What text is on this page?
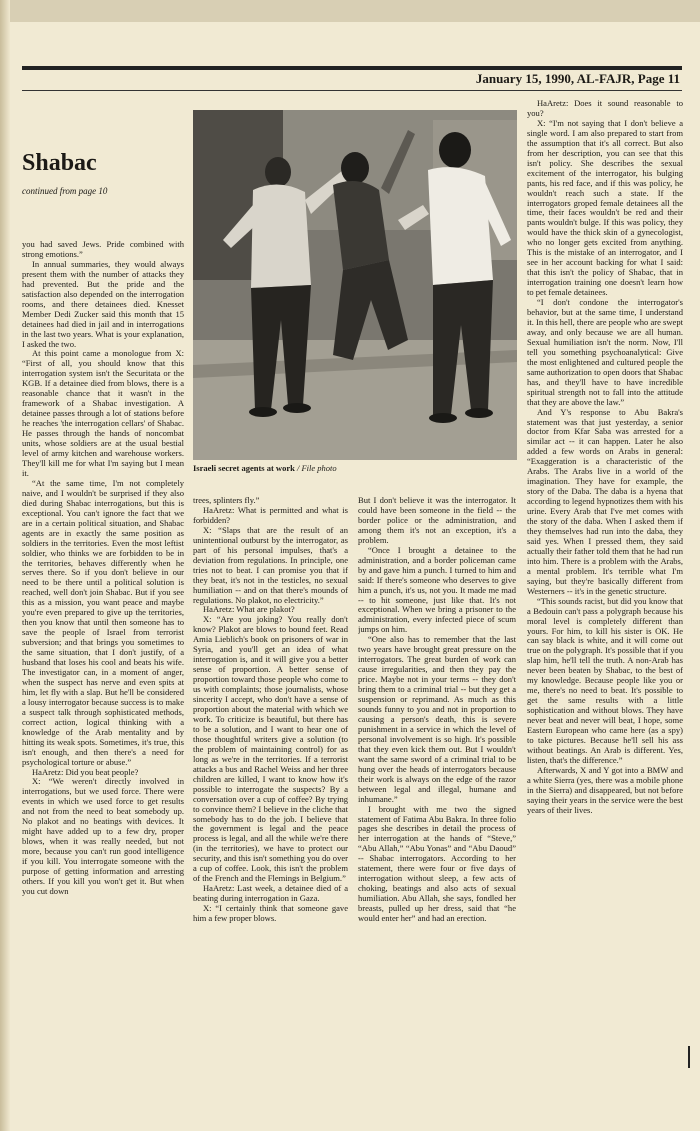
January 15, 1990, AL-FAJR, Page 11
Shabac
continued from page 10
Israeli secret agents at work / File photo

you had saved Jews. Pride combined with strong emotions.”

In annual summaries, they would always present them with the number of attacks they had prevented. But the pride and the satisfaction also depended on the interrogation rooms, and there detainees died. Knesset Member Dedi Zucker said this month that 15 detainees had died in jail and in interrogations in the last two years. What is your explanation, I asked the two.

At this point came a monologue from X: “First of all, you should know that this interrogation system isn't the Securitata or the KGB. If a detainee died from blows, there is a reasonable chance that it wasn't in the framework of a Shabac investigation. A detainee passes through a lot of stations before he reaches 'the interrogation cellars' of Shabac. He passes through the hands of noncombat units, whose soldiers are at the usual bestial level of army kitchen and warehouse workers. They'll kill me for what I'm saying but I mean it.

“At the same time, I'm not completely naive, and I wouldn't be surprised if they also died during Shabac interrogations, but this is exceptional. You can't ignore the fact that we are in a certain political situation, and Shabac agents are in exactly the same position as soldiers in the territories. Even the most leftist soldier, who thinks we are forbidden to be in the territories, behaves differently when he serves there. So if you don't believe in our need to be there until a political solution is reached, well don't join Shabac. But if you see this as a mission, you want peace and maybe you're even prepared to give up the territories, then you know that until then someone has to save the people of Israel from terrorist subversion; and that brings you sometimes to the same situation, that I don't justify, of a husband that loses his cool and beats his wife. The investigator can, in a moment of anger, when the suspect has nerve and even spits at him, let fly with a slap. But he'll be considered a lousy interrogator because success is to make a suspect talk through sophisticated methods, correct action, logical thinking with a knowledge of the Arab mentality and by hitting its weak spots. Sometimes, it's true, this isn't enough, and then there's a need for psychological torture or abuse.”

HaAretz: Did you beat people?

X: “We weren't directly involved in interrogations, but we used force. There were events in which we used force to get results and not from the need to beat somebody up. No plakot and no beatings with devices. It might have added up to a few dry, proper blows, when it was really needed, but not more, because you can't run good intelligence if you kill. You interrogate someone with the purpose of getting information and arresting others. If you kill you won't get it. But when you cut down

trees, splinters fly.”

HaAretz: What is permitted and what is forbidden?

X: “Slaps that are the result of an unintentional outburst by the interrogator, as part of his personal impulses, that's a deviation from regulations. In principle, one tries not to beat. I can promise you that if they beat, it's not in the testicles, no sexual humiliation -- and on that there's mounds of regulations. No plakot, no electricity.”

HaAretz: What are plakot?

X: “Are you joking? You really don't know? Plakot are blows to bound feet. Read Amia Lieblich's book on prisoners of war in Syria, and you'll get an idea of what interrogation is, and it will give you a better sense of proportion. A better sense of proportion toward those people who come to us with complaints; those journalists, whose sincerity I accept, who don't have a sense of proportion about the material with which we work. To criticize is beautiful, but there has to be a solution, and I want to hear one of those thoughtful writers give a solution (to the problem of maintaining control) for as long as we're in the territories. If a terrorist attacks a bus and Rachel Weiss and her three children are killed, I want to know how it's possible to interrogate the suspects? By a conversation over a cup of coffee? By trying to convince them? I believe in the cliche that somebody has to do the job. I believe that the government is legal and the peace process is legal, and all the while we're there (in the territories), we have to protect our security, and this isn't something you do over a cup of coffee. Look, this isn't the problem of the French and the Flemings in Belgium.”

HaAretz: Last week, a detainee died of a beating during interrogation in Gaza.

X: “I certainly think that someone gave him a few proper blows.

But I don't believe it was the interrogator. It could have been someone in the field -- the border police or the administration, and among them it's not an exception, it's a problem.

“Once I brought a detainee to the administration, and a border policeman came by and gave him a punch. I turned to him and said: If there's someone who deserves to give him a punch, it's us, not you. It made me mad -- to hit someone, just like that. It's not exceptional. When we bring a prisoner to the administration, every infected piece of scum jumps on him.

“One also has to remember that the last two years have brought great pressure on the interrogators. The great burden of work can cause irregularities, and then they pay the price. Maybe not in your terms -- they don't bring them to a criminal trial -- but they get a suspension or reprimand. As much as this sounds funny to you and not in proportion to causing a person's death, this is severe punishment in a service in which the level of personal involvement is so high. It's possible that they even kick them out. But I wouldn't want the same sword of a criminal trial to be hung over the heads of interrogators because their work is always on the edge of the razor between legal and illegal, humane and inhumane.”

I brought with me two the signed statement of Fatima Abu Bakra. In three folio pages she describes in detail the process of her interrogation at the hands of “Steve,” “Abu Allah,” “Abu Yonas” and “Abu Daoud” -- Shabac interrogators. According to her statement, there were four or five days of interrogation without sleep, a few acts of choking, beatings and also acts of sexual humiliation. Abu Allah, she says, fondled her breasts, pulled up her dress, said that “he would enter her” and had an erection.

HaAretz: Does it sound reasonable to you?

X: “I'm not saying that I don't believe a single word. I am also prepared to start from the assumption that it's all correct. But also from her description, you can see that this isn't policy. She describes the sexual excitement of the interrogator, his bulging pants, his red face, and if this was policy, he wouldn't reach such a state. If the interrogators groped female detainees all the time, their faces wouldn't be red and their pants wouldn't bulge. If this was policy, they would have the thick skin of a gynecologist, who no longer gets excited from anything. This is the mistake of an interrogator, and I see in her account backing for what I said: that this isn't the policy of Shabac, that in interrogation training one doesn't learn how to pet female detainees.

“I don't condone the interrogator's behavior, but at the same time, I understand it. In this hell, there are people who are swept away, and only because we are all human. Sexual humiliation isn't the norm. Now, I'll tell you something psychoanalytical: Give the most enlightened and cultured people the same authorization to open doors that Shabac has, and they'll have to have incredible spiritual strength not to fall into the attitude that they are above the law.”

And Y's response to Abu Bakra's statement was that just yesterday, a senior doctor from Kfar Saba was arrested for a similar act -- it can happen. Later he also added a few words on Arabs in general: “Exaggeration is a characteristic of the Arabs. The Arabs live in a world of the imagination. They have for example, the story of the Daba. The daba is a hyena that according to legend hypnotizes them with his urine. Every Arab that I've met comes with the story of the daba. When I asked them if they themselves had run into the daba, they said yes. When I pressed them, they said actually their father told them that he had run into him. There is a problem with the Arabs, a mental problem. It's terrible what I'm saying, but they're basically different from Westerners -- it's in the genetic structure.

“This sounds racist, but did you know that a Bedouin can't pass a polygraph because his moral level is completely different than yours. For him, to kill his sister is OK. He can say black is white, and it will come out true on the polygraph. It's possible that if you slap him, he'll tell the truth. A non-Arab has never been beaten by Shabac, to the best of my knowledge. Because people like you or me, there's no need to beat. It's possible to get the same results with a little sophistication and without blows. They have never beat and never will beat, I hope, some Eastern European who came here (as a spy) to take pictures. Because he'll sell his ass without beatings. An Arab is different. Yes, listen, that's the difference.”

Afterwards, X and Y got into a BMW and a white Sierra (yes, there was a mobile phone in the Sierra) and disappeared, but not before saying their years in the service were the best years of their lives.
